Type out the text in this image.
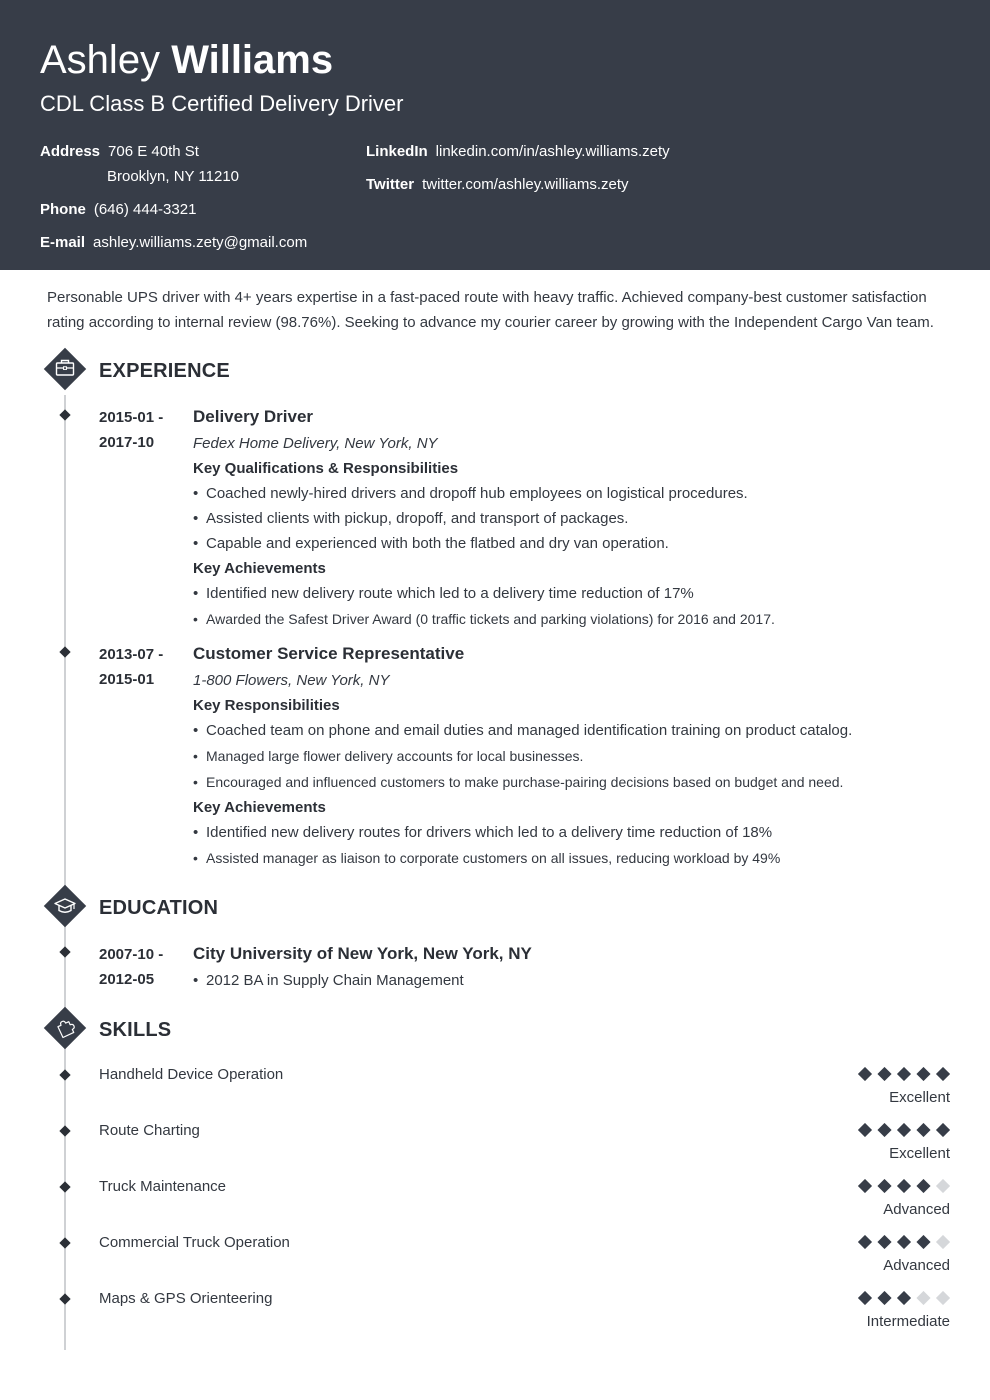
Ashley Williams
CDL Class B Certified Delivery Driver
Address 706 E 40th St
Brooklyn, NY 11210
Phone (646) 444-3321
E-mail ashley.williams.zety@gmail.com
LinkedIn linkedin.com/in/ashley.williams.zety
Twitter twitter.com/ashley.williams.zety
Personable UPS driver with 4+ years expertise in a fast-paced route with heavy traffic. Achieved company-best customer satisfaction rating according to internal review (98.76%). Seeking to advance my courier career by growing with the Independent Cargo Van team.
EXPERIENCE
2015-01 -
2017-10
Delivery Driver
Fedex Home Delivery, New York, NY
Key Qualifications & Responsibilities
• Coached newly-hired drivers and dropoff hub employees on logistical procedures.
• Assisted clients with pickup, dropoff, and transport of packages.
• Capable and experienced with both the flatbed and dry van operation.
Key Achievements
• Identified new delivery route which led to a delivery time reduction of 17%
• Awarded the Safest Driver Award (0 traffic tickets and parking violations) for 2016 and 2017.
2013-07 -
2015-01
Customer Service Representative
1-800 Flowers, New York, NY
Key Responsibilities
• Coached team on phone and email duties and managed identification training on product catalog.
• Managed large flower delivery accounts for local businesses.
• Encouraged and influenced customers to make purchase-pairing decisions based on budget and need.
Key Achievements
• Identified new delivery routes for drivers which led to a delivery time reduction of 18%
• Assisted manager as liaison to corporate customers on all issues, reducing workload by 49%
EDUCATION
2007-10 -
2012-05
City University of New York, New York, NY
• 2012 BA in Supply Chain Management
SKILLS
Handheld Device Operation
Excellent
Route Charting
Excellent
Truck Maintenance
Advanced
Commercial Truck Operation
Advanced
Maps & GPS Orienteering
Intermediate
